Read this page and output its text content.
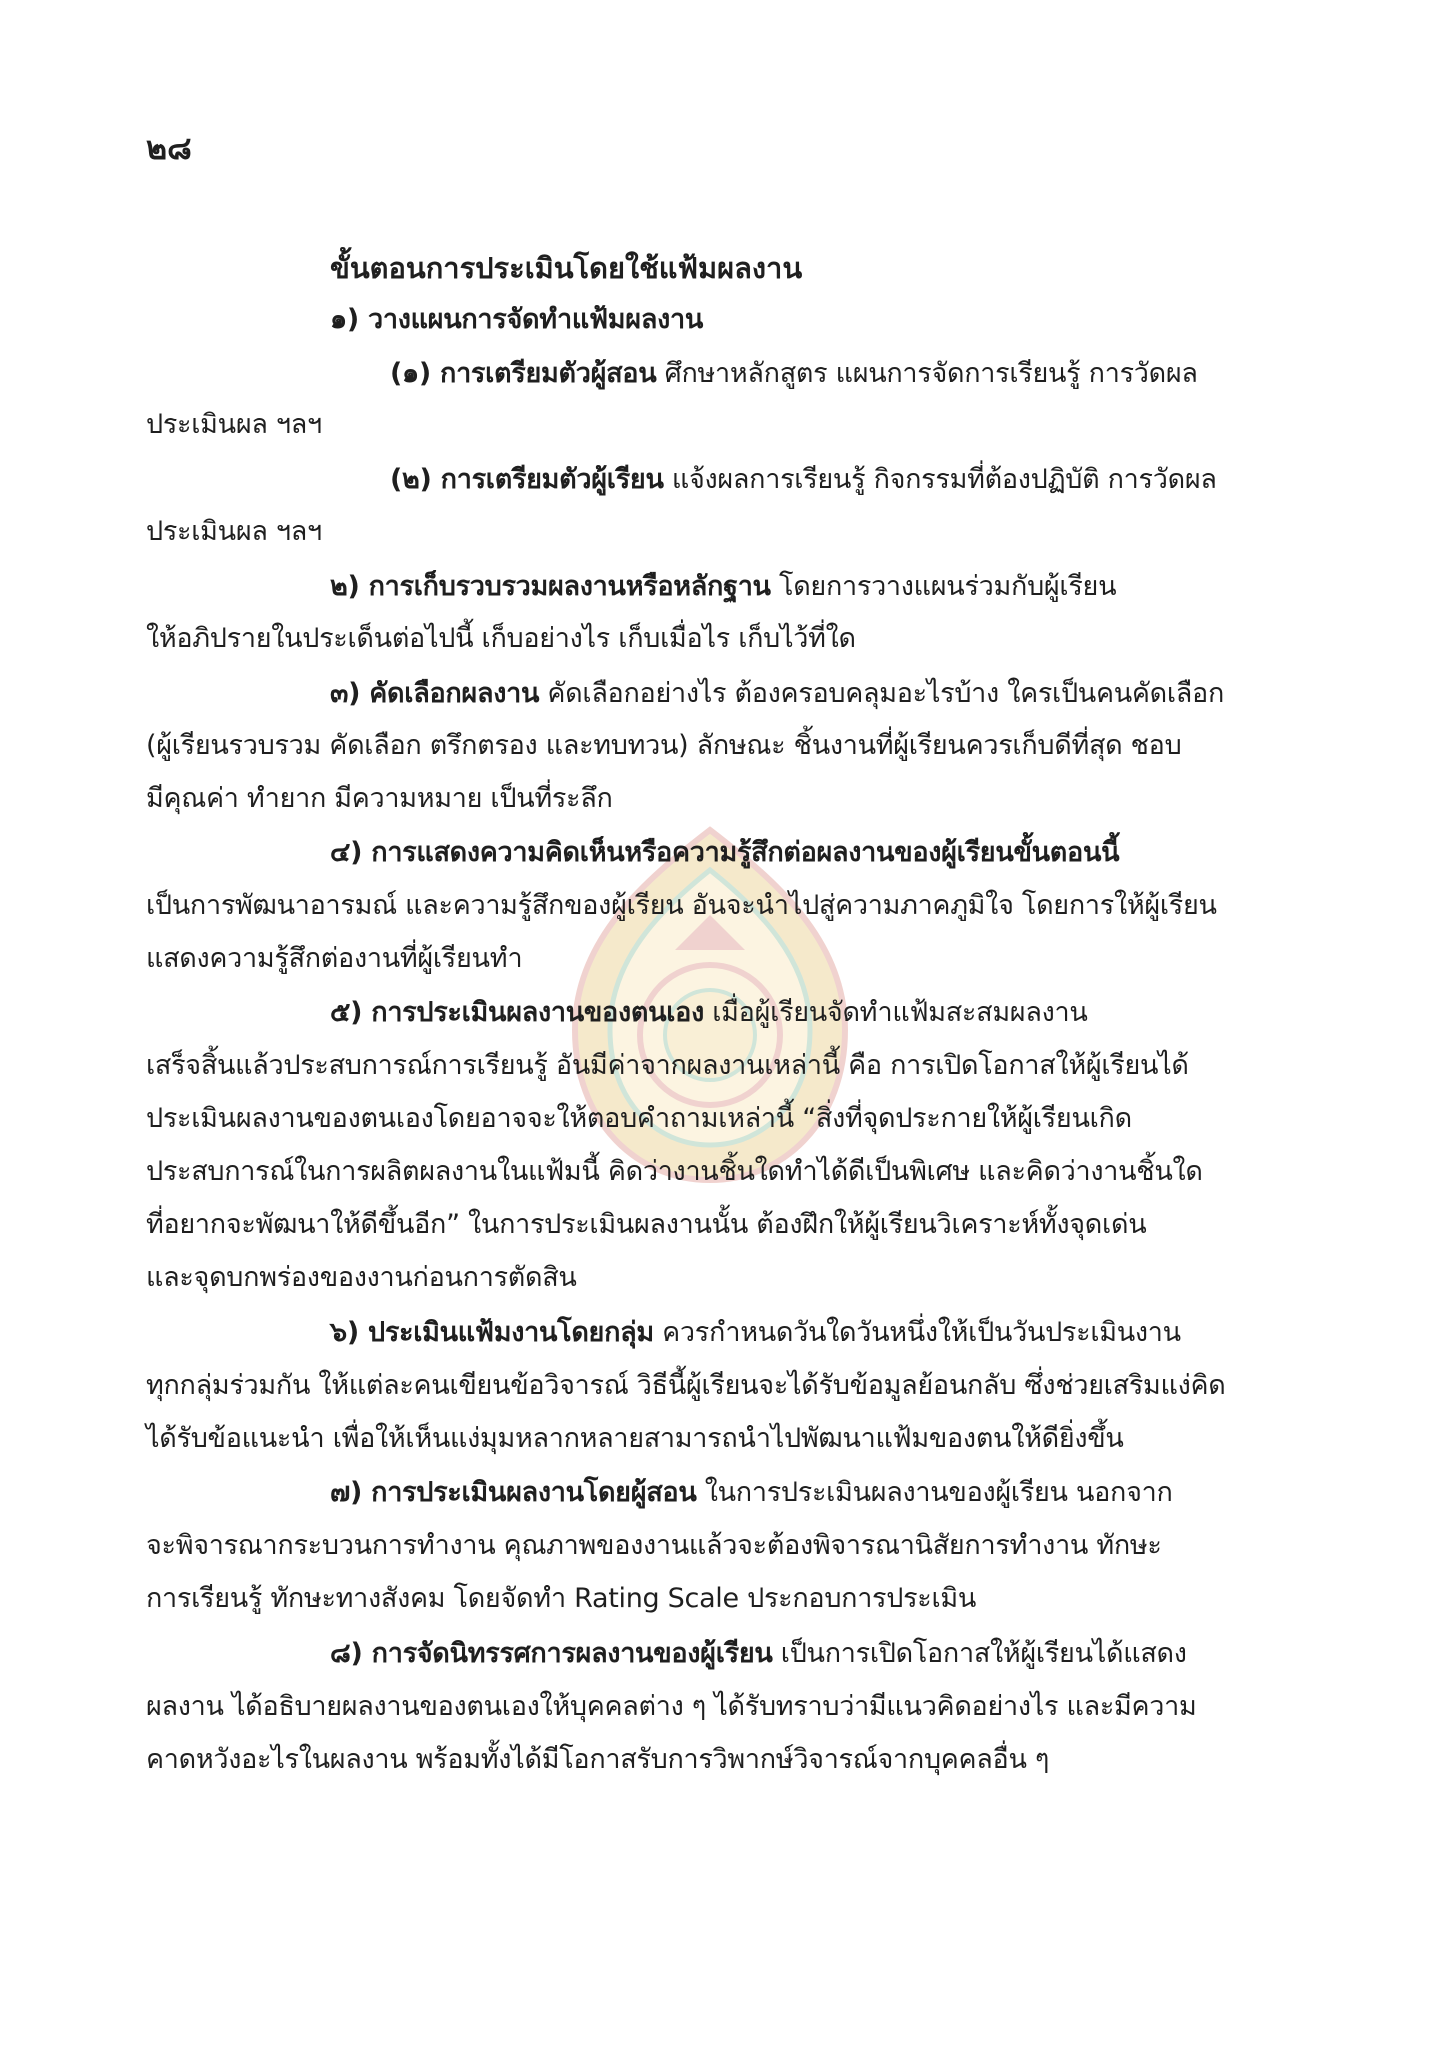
๒๘
ขั้นตอนการประเมินโดยใช้แฟ้มผลงาน
๑) วางแผนการจัดทำแฟ้มผลงาน
(๑) การเตรียมตัวผู้สอน ศึกษาหลักสูตร แผนการจัดการเรียนรู้ การวัดผล
ประเมินผล ฯลฯ
(๒) การเตรียมตัวผู้เรียน แจ้งผลการเรียนรู้ กิจกรรมที่ต้องปฏิบัติ การวัดผล
ประเมินผล ฯลฯ
๒) การเก็บรวบรวมผลงานหรือหลักฐาน โดยการวางแผนร่วมกับผู้เรียน
ให้อภิปรายในประเด็นต่อไปนี้ เก็บอย่างไร เก็บเมื่อไร เก็บไว้ที่ใด
๓) คัดเลือกผลงาน คัดเลือกอย่างไร ต้องครอบคลุมอะไรบ้าง ใครเป็นคนคัดเลือก
(ผู้เรียนรวบรวม คัดเลือก ตรึกตรอง และทบทวน) ลักษณะ ชิ้นงานที่ผู้เรียนควรเก็บดีที่สุด ชอบ
มีคุณค่า ทำยาก มีความหมาย เป็นที่ระลึก
๔) การแสดงความคิดเห็นหรือความรู้สึกต่อผลงานของผู้เรียนขั้นตอนนี้
เป็นการพัฒนาอารมณ์ และความรู้สึกของผู้เรียน อันจะนำไปสู่ความภาคภูมิใจ โดยการให้ผู้เรียน
แสดงความรู้สึกต่องานที่ผู้เรียนทำ
๕) การประเมินผลงานของตนเอง เมื่อผู้เรียนจัดทำแฟ้มสะสมผลงาน
เสร็จสิ้นแล้วประสบการณ์การเรียนรู้ อันมีค่าจากผลงานเหล่านี้ คือ การเปิดโอกาสให้ผู้เรียนได้
ประเมินผลงานของตนเองโดยอาจจะให้ตอบคำถามเหล่านี้ “สิ่งที่จุดประกายให้ผู้เรียนเกิด
ประสบการณ์ในการผลิตผลงานในแฟ้มนี้ คิดว่างานชิ้นใดทำได้ดีเป็นพิเศษ และคิดว่างานชิ้นใด
ที่อยากจะพัฒนาให้ดีขึ้นอีก” ในการประเมินผลงานนั้น ต้องฝึกให้ผู้เรียนวิเคราะห์ทั้งจุดเด่น
และจุดบกพร่องของงานก่อนการตัดสิน
๖) ประเมินแฟ้มงานโดยกลุ่ม ควรกำหนดวันใดวันหนึ่งให้เป็นวันประเมินงาน
ทุกกลุ่มร่วมกัน ให้แต่ละคนเขียนข้อวิจารณ์ วิธีนี้ผู้เรียนจะได้รับข้อมูลย้อนกลับ ซึ่งช่วยเสริมแง่คิด
ได้รับข้อแนะนำ เพื่อให้เห็นแง่มุมหลากหลายสามารถนำไปพัฒนาแฟ้มของตนให้ดียิ่งขึ้น
๗) การประเมินผลงานโดยผู้สอน ในการประเมินผลงานของผู้เรียน นอกจาก
จะพิจารณากระบวนการทำงาน คุณภาพของงานแล้วจะต้องพิจารณานิสัยการทำงาน ทักษะ
การเรียนรู้ ทักษะทางสังคม โดยจัดทำ Rating Scale ประกอบการประเมิน
๘) การจัดนิทรรศการผลงานของผู้เรียน เป็นการเปิดโอกาสให้ผู้เรียนได้แสดง
ผลงาน ได้อธิบายผลงานของตนเองให้บุคคลต่าง ๆ ได้รับทราบว่ามีแนวคิดอย่างไร และมีความ
คาดหวังอะไรในผลงาน พร้อมทั้งได้มีโอกาสรับการวิพากษ์วิจารณ์จากบุคคลอื่น ๆ
